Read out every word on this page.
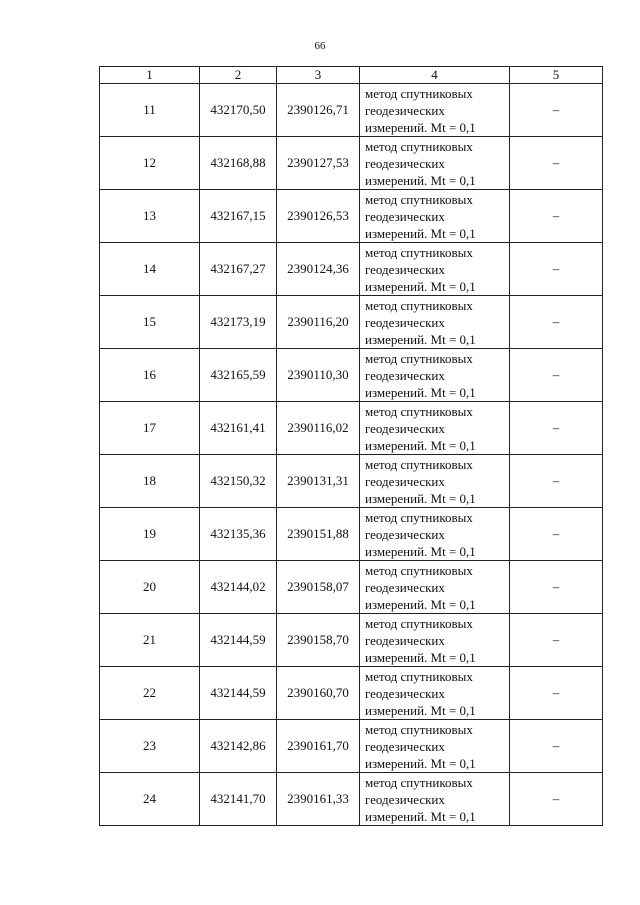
66
1	2	3	4	5
11	432170,50	2390126,71	метод спутниковых
геодезических
измерений. Mt = 0,1	–
12	432168,88	2390127,53	метод спутниковых
геодезических
измерений. Mt = 0,1	–
13	432167,15	2390126,53	метод спутниковых
геодезических
измерений. Mt = 0,1	–
14	432167,27	2390124,36	метод спутниковых
геодезических
измерений. Mt = 0,1	–
15	432173,19	2390116,20	метод спутниковых
геодезических
измерений. Mt = 0,1	–
16	432165,59	2390110,30	метод спутниковых
геодезических
измерений. Mt = 0,1	–
17	432161,41	2390116,02	метод спутниковых
геодезических
измерений. Mt = 0,1	–
18	432150,32	2390131,31	метод спутниковых
геодезических
измерений. Mt = 0,1	–
19	432135,36	2390151,88	метод спутниковых
геодезических
измерений. Mt = 0,1	–
20	432144,02	2390158,07	метод спутниковых
геодезических
измерений. Mt = 0,1	–
21	432144,59	2390158,70	метод спутниковых
геодезических
измерений. Mt = 0,1	–
22	432144,59	2390160,70	метод спутниковых
геодезических
измерений. Mt = 0,1	–
23	432142,86	2390161,70	метод спутниковых
геодезических
измерений. Mt = 0,1	–
24	432141,70	2390161,33	метод спутниковых
геодезических
измерений. Mt = 0,1	–
